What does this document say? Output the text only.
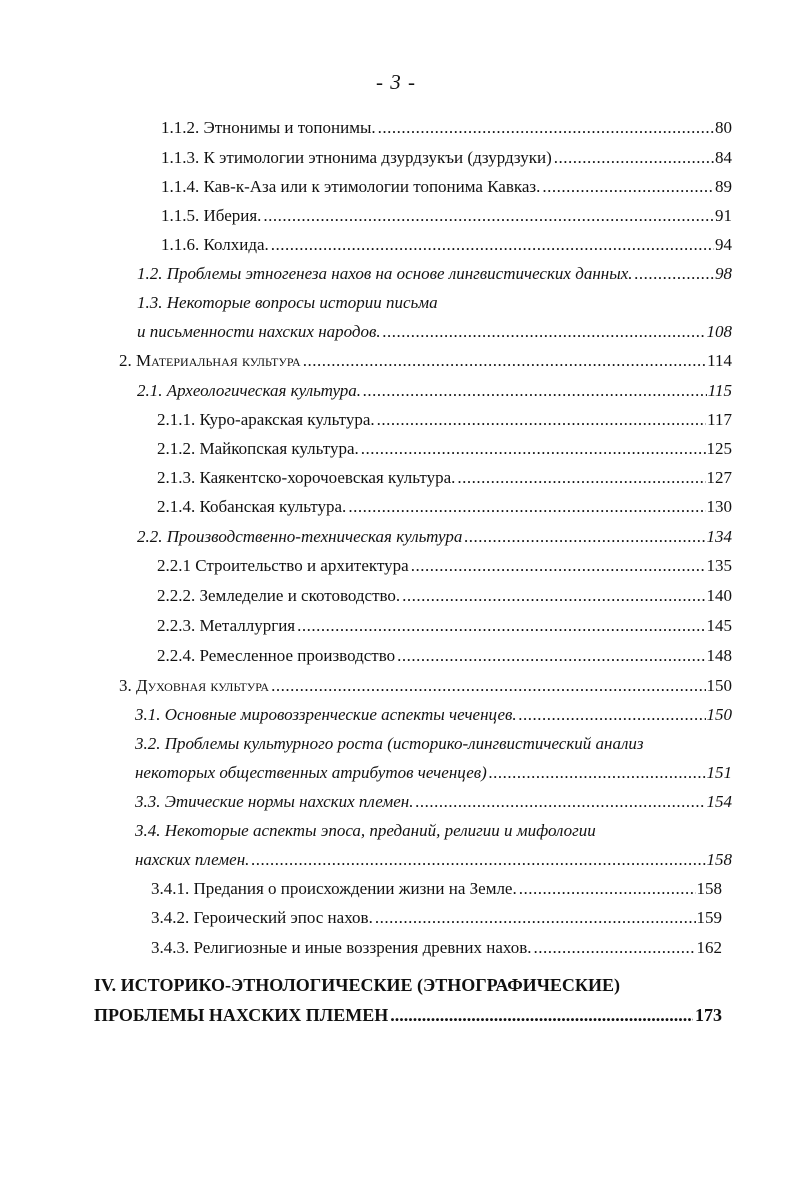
- 3 -
1.1.2. Этнонимы и топонимы. .....	80
1.1.3. К этимологии этнонима дзурдзукъи (дзурдзуки) .....	84
1.1.4. Кав-к-Аза или к этимологии топонима Кавказ. .....	89
1.1.5. Иберия. .....	91
1.1.6. Колхида. .....	94
1.2. Проблемы этногенеза нахов на основе лингвистических данных. .....	98
1.3. Некоторые вопросы истории письма
и письменности нахских народов. .....	108
2. Материальная культура .....	114
2.1. Археологическая культура. .....	115
2.1.1. Куро-аракская культура. .....	117
2.1.2. Майкопская культура. .....	125
2.1.3. Каякентско-хорочоевская культура. .....	127
2.1.4. Кобанская культура. .....	130
2.2. Производственно-техническая культура .....	134
2.2.1 Строительство и архитектура .....	135
2.2.2. Земледелие и скотоводство. .....	140
2.2.3. Металлургия .....	145
2.2.4. Ремесленное производство .....	148
3. Духовная культура .....	150
3.1. Основные мировоззренческие аспекты чеченцев. .....	150
3.2. Проблемы культурного роста (историко-лингвистический анализ
некоторых общественных атрибутов чеченцев) .....	151
3.3. Этические нормы нахских племен. .....	154
3.4. Некоторые аспекты эпоса, преданий, религии и мифологии
нахских племен. .....	158
3.4.1. Предания о происхождении жизни на Земле. .....	158
3.4.2. Героический эпос нахов. .....	159
3.4.3. Религиозные и иные воззрения древних нахов. .....	162
IV. ИСТОРИКО-ЭТНОЛОГИЧЕСКИЕ (ЭТНОГРАФИЧЕСКИЕ)
ПРОБЛЕМЫ НАХСКИХ ПЛЕМЕН .....	173
